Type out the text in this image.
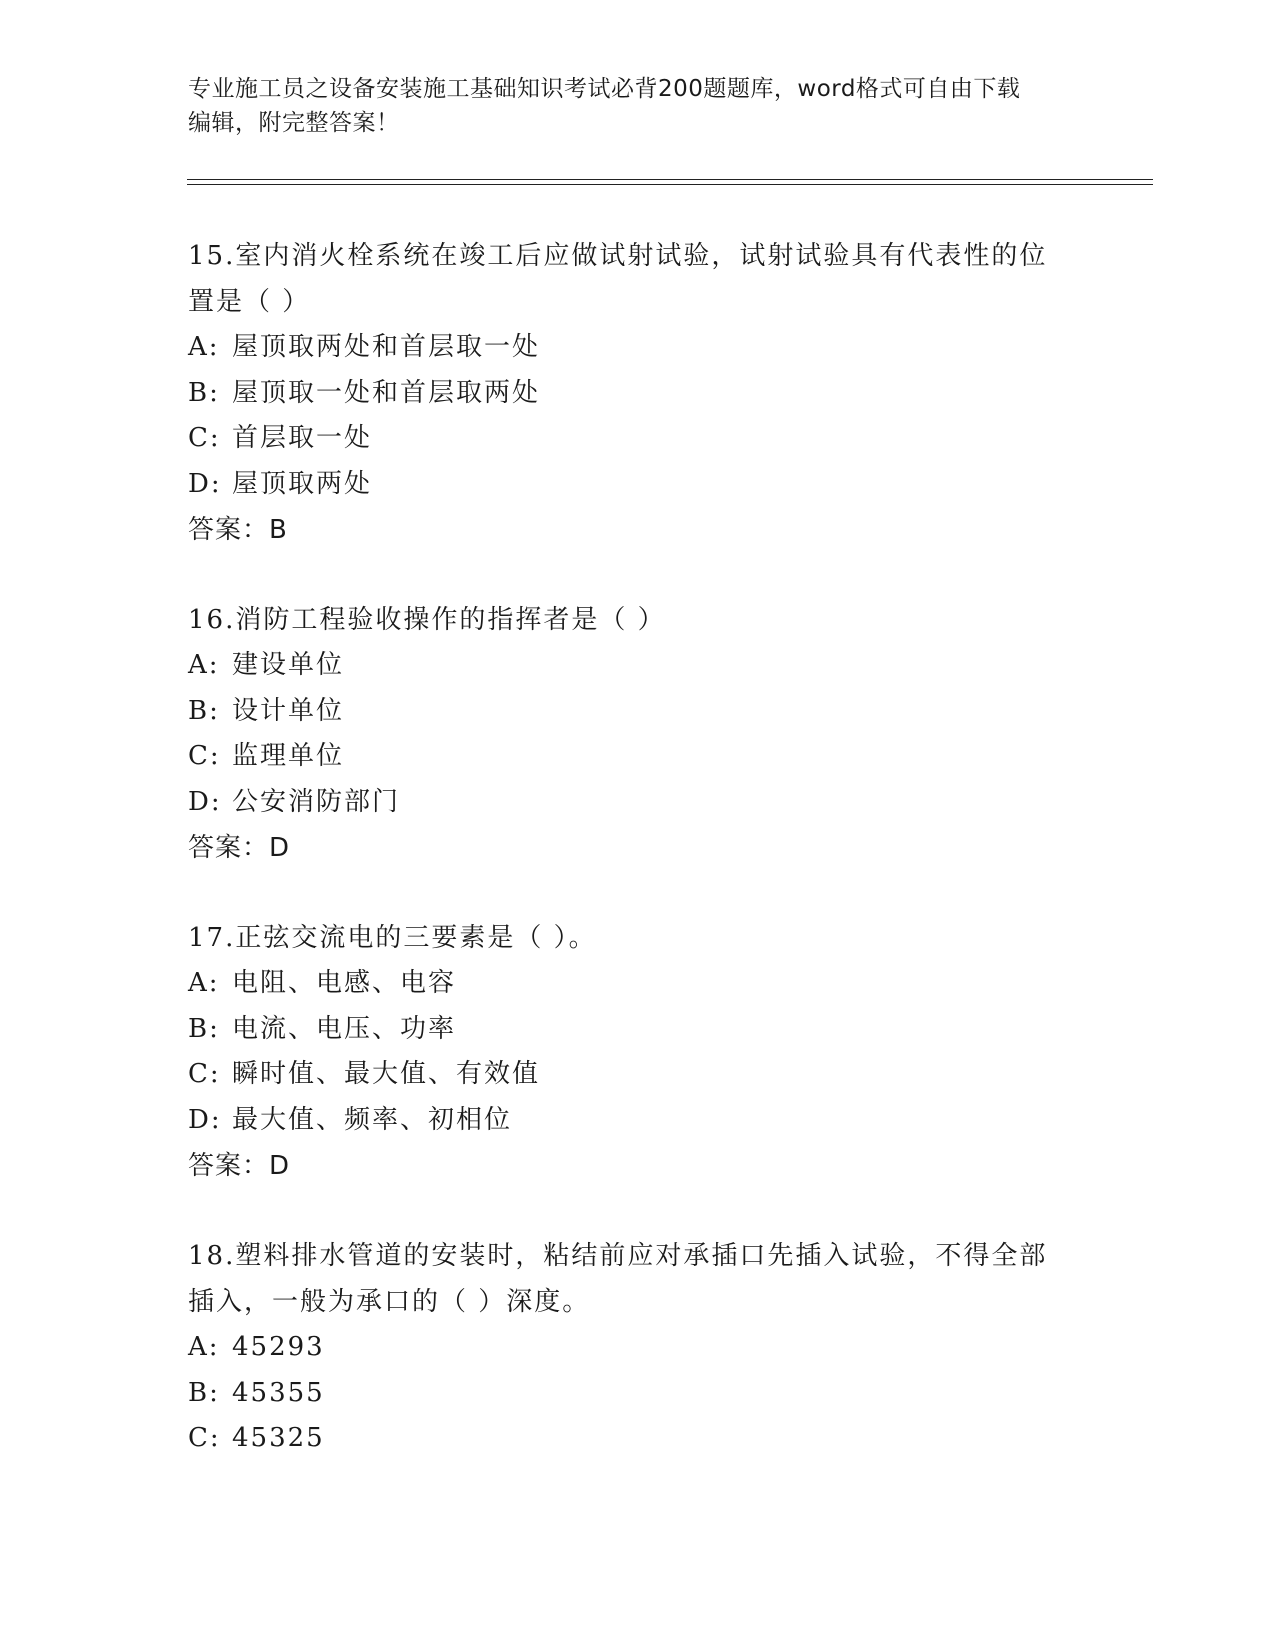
专业施工员之设备安装施工基础知识考试必背200题题库，word格式可自由下载
编辑，附完整答案！

15.室内消火栓系统在竣工后应做试射试验，试射试验具有代表性的位

置是（ ）

A: 屋顶取两处和首层取一处

B: 屋顶取一处和首层取两处

C: 首层取一处

D: 屋顶取两处

答案：B

16.消防工程验收操作的指挥者是（ ）

A: 建设单位

B: 设计单位

C: 监理单位

D: 公安消防部门

答案：D

17.正弦交流电的三要素是（ ）。

A: 电阻、电感、电容

B: 电流、电压、功率

C: 瞬时值、最大值、有效值

D: 最大值、频率、初相位

答案：D

18.塑料排水管道的安装时，粘结前应对承插口先插入试验，不得全部

插入，一般为承口的（ ）深度。

A: 45293

B: 45355

C: 45325
